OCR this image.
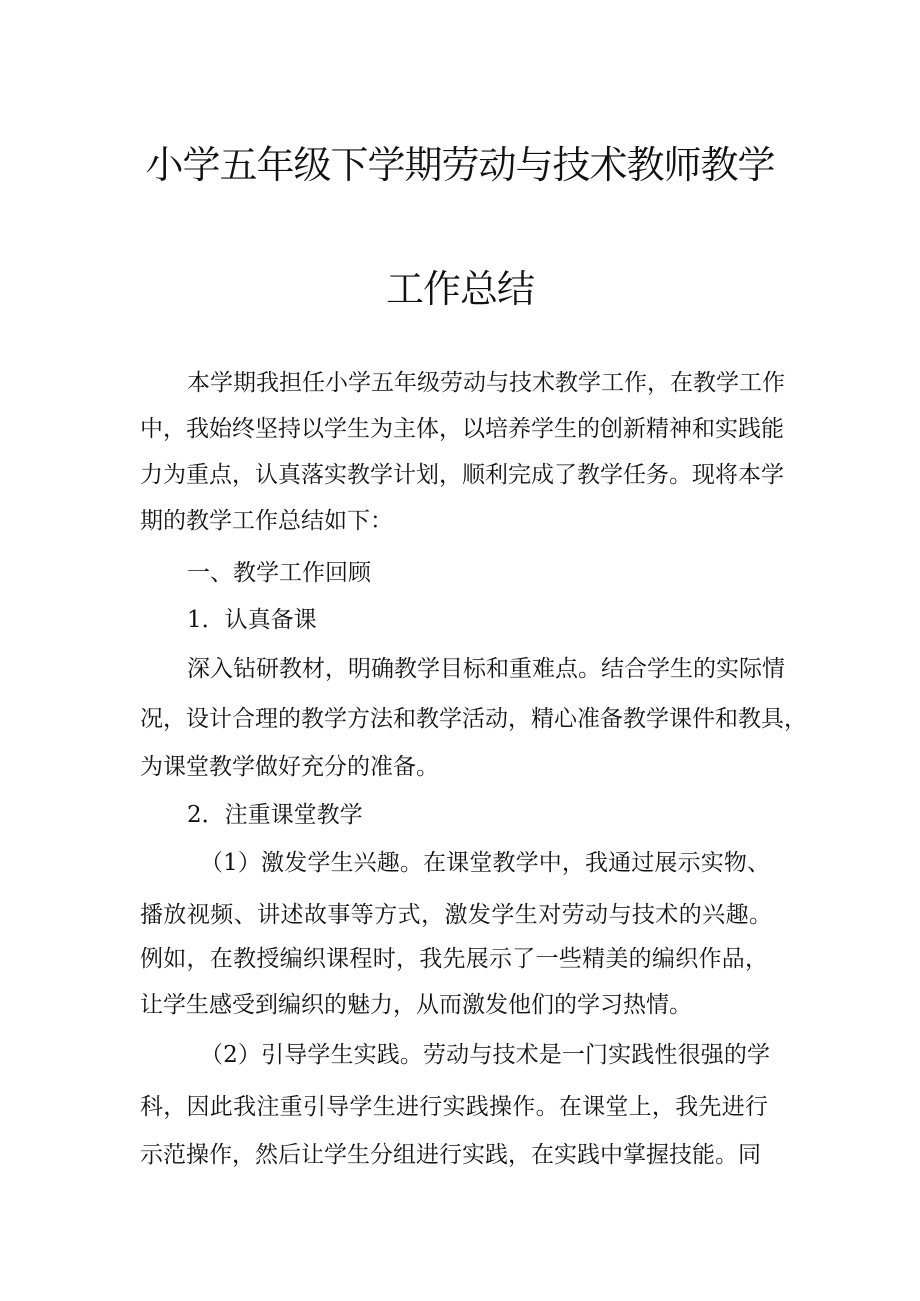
小学五年级下学期劳动与技术教师教学
工作总结

本学期我担任小学五年级劳动与技术教学工作，在教学工作

中，我始终坚持以学生为主体，以培养学生的创新精神和实践能

力为重点，认真落实教学计划，顺利完成了教学任务。现将本学

期的教学工作总结如下：

一、教学工作回顾

1．认真备课

深入钻研教材，明确教学目标和重难点。结合学生的实际情

况，设计合理的教学方法和教学活动，精心准备教学课件和教具，

为课堂教学做好充分的准备。

2．注重课堂教学

（1）激发学生兴趣。在课堂教学中，我通过展示实物、

播放视频、讲述故事等方式，激发学生对劳动与技术的兴趣。

例如，在教授编织课程时，我先展示了一些精美的编织作品，

让学生感受到编织的魅力，从而激发他们的学习热情。

（2）引导学生实践。劳动与技术是一门实践性很强的学

科，因此我注重引导学生进行实践操作。在课堂上，我先进行

示范操作，然后让学生分组进行实践，在实践中掌握技能。同
